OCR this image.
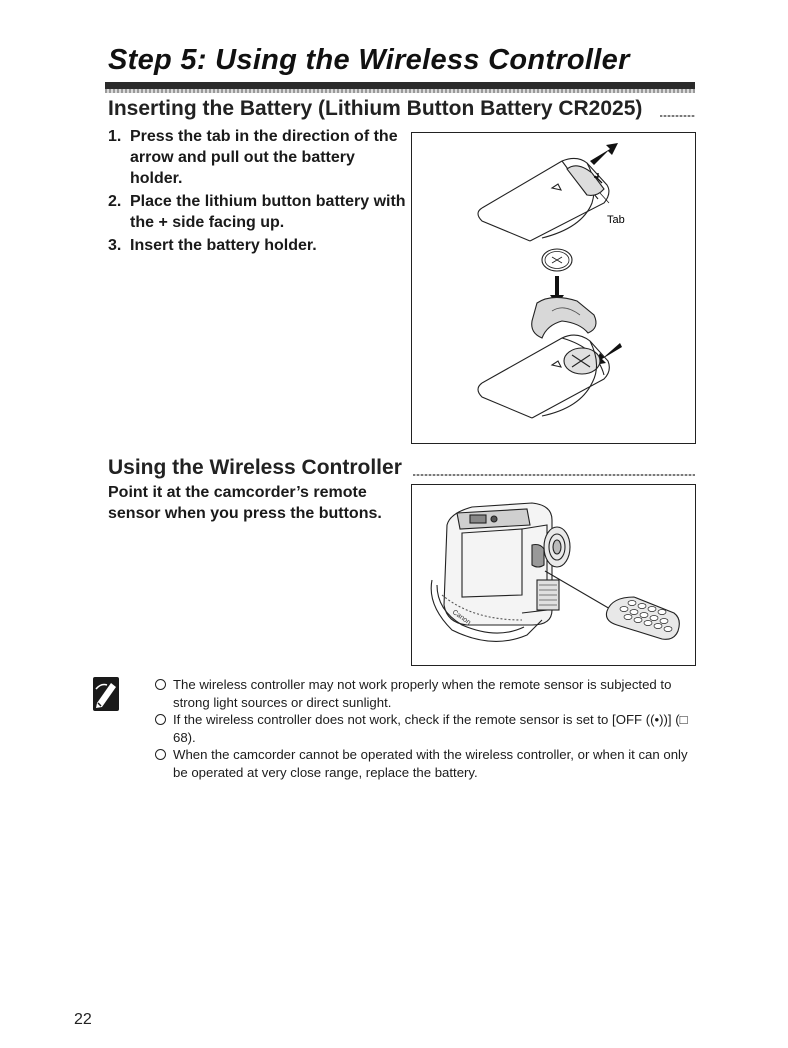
Step 5: Using the Wireless Controller
Inserting the Battery (Lithium Button Battery CR2025)
1. Press the tab in the direction of the arrow and pull out the battery holder.
2. Place the lithium button battery with the + side facing up.
3. Insert the battery holder.
Tab
Using the Wireless Controller
Point it at the camcorder’s remote sensor when you press the buttons.
Canon
The wireless controller may not work properly when the remote sensor is subjected to strong light sources or direct sunlight.
If the wireless controller does not work, check if the remote sensor is set to [OFF ((•))] (□ 68).
When the camcorder cannot be operated with the wireless controller, or when it can only be operated at very close range, replace the battery.
22
